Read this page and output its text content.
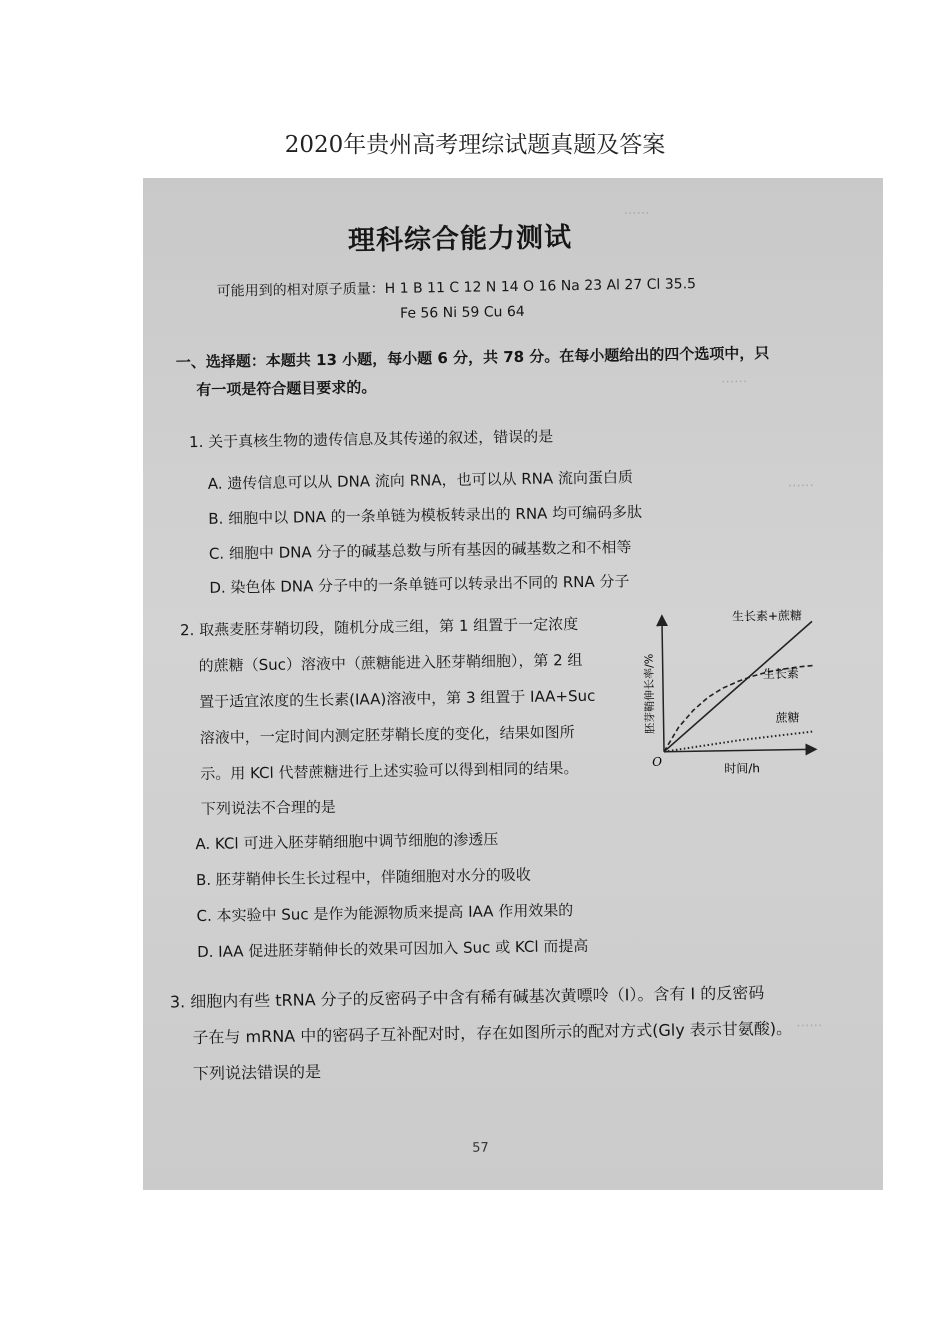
2020年贵州高考理综试题真题及答案
⋯⋯
⋯⋯
⋯⋯
⋯⋯
理科综合能力测试
可能用到的相对原子质量：H 1 B 11 C 12 N 14 O 16 Na 23 Al 27 Cl 35.5
Fe 56 Ni 59 Cu 64
一、选择题：本题共 13 小题，每小题 6 分，共 78 分。在每小题给出的四个选项中，只
有一项是符合题目要求的。
1. 关于真核生物的遗传信息及其传递的叙述，错误的是
A. 遗传信息可以从 DNA 流向 RNA，也可以从 RNA 流向蛋白质
B. 细胞中以 DNA 的一条单链为模板转录出的 RNA 均可编码多肽
C. 细胞中 DNA 分子的碱基总数与所有基因的碱基数之和不相等
D. 染色体 DNA 分子中的一条单链可以转录出不同的 RNA 分子
2. 取燕麦胚芽鞘切段，随机分成三组，第 1 组置于一定浓度
的蔗糖（Suc）溶液中（蔗糖能进入胚芽鞘细胞），第 2 组
置于适宜浓度的生长素(IAA)溶液中，第 3 组置于 IAA+Suc
溶液中，一定时间内测定胚芽鞘长度的变化，结果如图所
示。用 KCl 代替蔗糖进行上述实验可以得到相同的结果。
下列说法不合理的是
O	时间/h
胚芽鞘伸长率/%
生长素+蔗糖
生长素
蔗糖
A. KCl 可进入胚芽鞘细胞中调节细胞的渗透压
B. 胚芽鞘伸长生长过程中，伴随细胞对水分的吸收
C. 本实验中 Suc 是作为能源物质来提高 IAA 作用效果的
D. IAA 促进胚芽鞘伸长的效果可因加入 Suc 或 KCl 而提高
3. 细胞内有些 tRNA 分子的反密码子中含有稀有碱基次黄嘌呤（I）。含有 I 的反密码
子在与 mRNA 中的密码子互补配对时，存在如图所示的配对方式(Gly 表示甘氨酸)。
下列说法错误的是
57
